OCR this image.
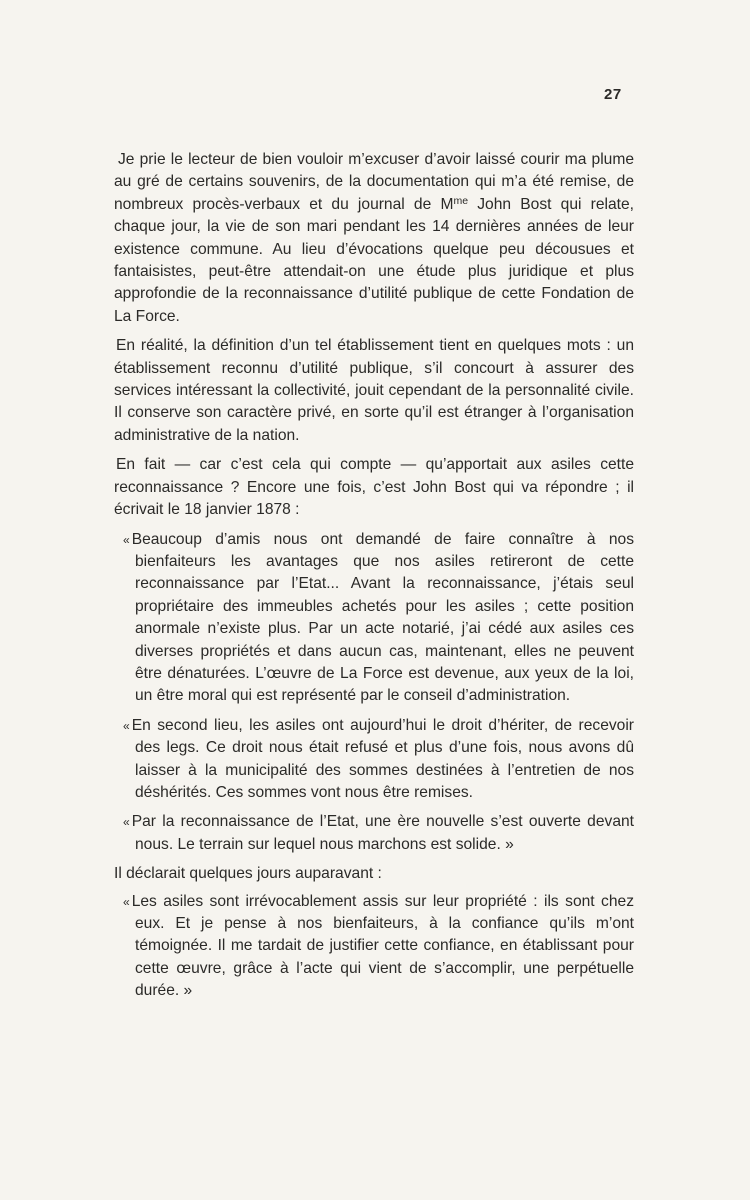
27

Je prie le lecteur de bien vouloir m’excuser d’avoir laissé courir ma plume au gré de certains souvenirs, de la documentation qui m’a été remise, de nombreux procès-verbaux et du journal de $M^{me}$ John Bost qui relate, chaque jour, la vie de son mari pendant les 14 dernières années de leur existence commune. Au lieu d’évocations quelque peu décousues et fantaisistes, peut-être attendait-on une étude plus juridique et plus approfondie de la reconnaissance d’utilité publique de cette Fondation de La Force.

En réalité, la définition d’un tel établissement tient en quelques mots : un établissement reconnu d’utilité publique, s’il concourt à assurer des services intéressant la collectivité, jouit cependant de la personnalité civile. Il conserve son caractère privé, en sorte qu’il est étranger à l’organisation administrative de la nation.

En fait — car c’est cela qui compte — qu’apportait aux asiles cette reconnaissance ? Encore une fois, c’est John Bost qui va répondre ; il écrivait le 18 janvier 1878 :

« Beaucoup d’amis nous ont demandé de faire connaître à nos bienfaiteurs les avantages que nos asiles retireront de cette reconnaissance par l’Etat... Avant la reconnaissance, j’étais seul propriétaire des immeubles achetés pour les asiles ; cette position anormale n’existe plus. Par un acte notarié, j’ai cédé aux asiles ces diverses propriétés et dans aucun cas, maintenant, elles ne peuvent être dénaturées. L’œuvre de La Force est devenue, aux yeux de la loi, un être moral qui est représenté par le conseil d’administration.

« En second lieu, les asiles ont aujourd’hui le droit d’hériter, de recevoir des legs. Ce droit nous était refusé et plus d’une fois, nous avons dû laisser à la municipalité des sommes destinées à l’entretien de nos déshérités. Ces sommes vont nous être remises.

« Par la reconnaissance de l’Etat, une ère nouvelle s’est ouverte devant nous. Le terrain sur lequel nous marchons est solide. »

Il déclarait quelques jours auparavant :

« Les asiles sont irrévocablement assis sur leur propriété : ils sont chez eux. Et je pense à nos bienfaiteurs, à la confiance qu’ils m’ont témoignée. Il me tardait de justifier cette confiance, en établissant pour cette œuvre, grâce à l’acte qui vient de s’accomplir, une perpétuelle durée. »
